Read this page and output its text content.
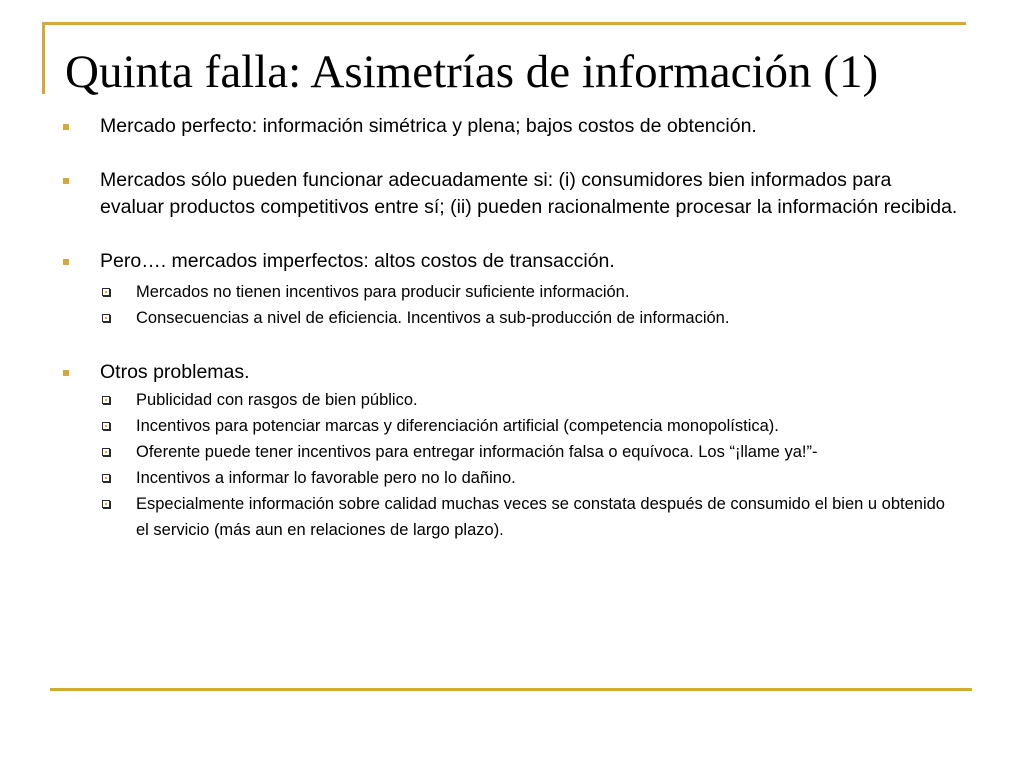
Quinta falla: Asimetrías de información (1)
Mercado perfecto: información simétrica y plena; bajos costos de obtención.
Mercados sólo pueden funcionar adecuadamente si: (i) consumidores bien informados para evaluar productos competitivos entre sí; (ii) pueden racionalmente procesar la información recibida.
Pero…. mercados imperfectos: altos costos de transacción.
Mercados no tienen incentivos para producir suficiente información.
Consecuencias a nivel de eficiencia. Incentivos a sub-producción de información.
Otros problemas.
Publicidad con rasgos de bien público.
Incentivos para potenciar marcas y diferenciación artificial (competencia monopolística).
Oferente puede tener incentivos para entregar información falsa o equívoca. Los “¡llame ya!”-
Incentivos a informar lo favorable pero no lo dañino.
Especialmente información sobre calidad muchas veces se constata después de consumido el bien u obtenido el servicio (más aun en relaciones de largo plazo).
